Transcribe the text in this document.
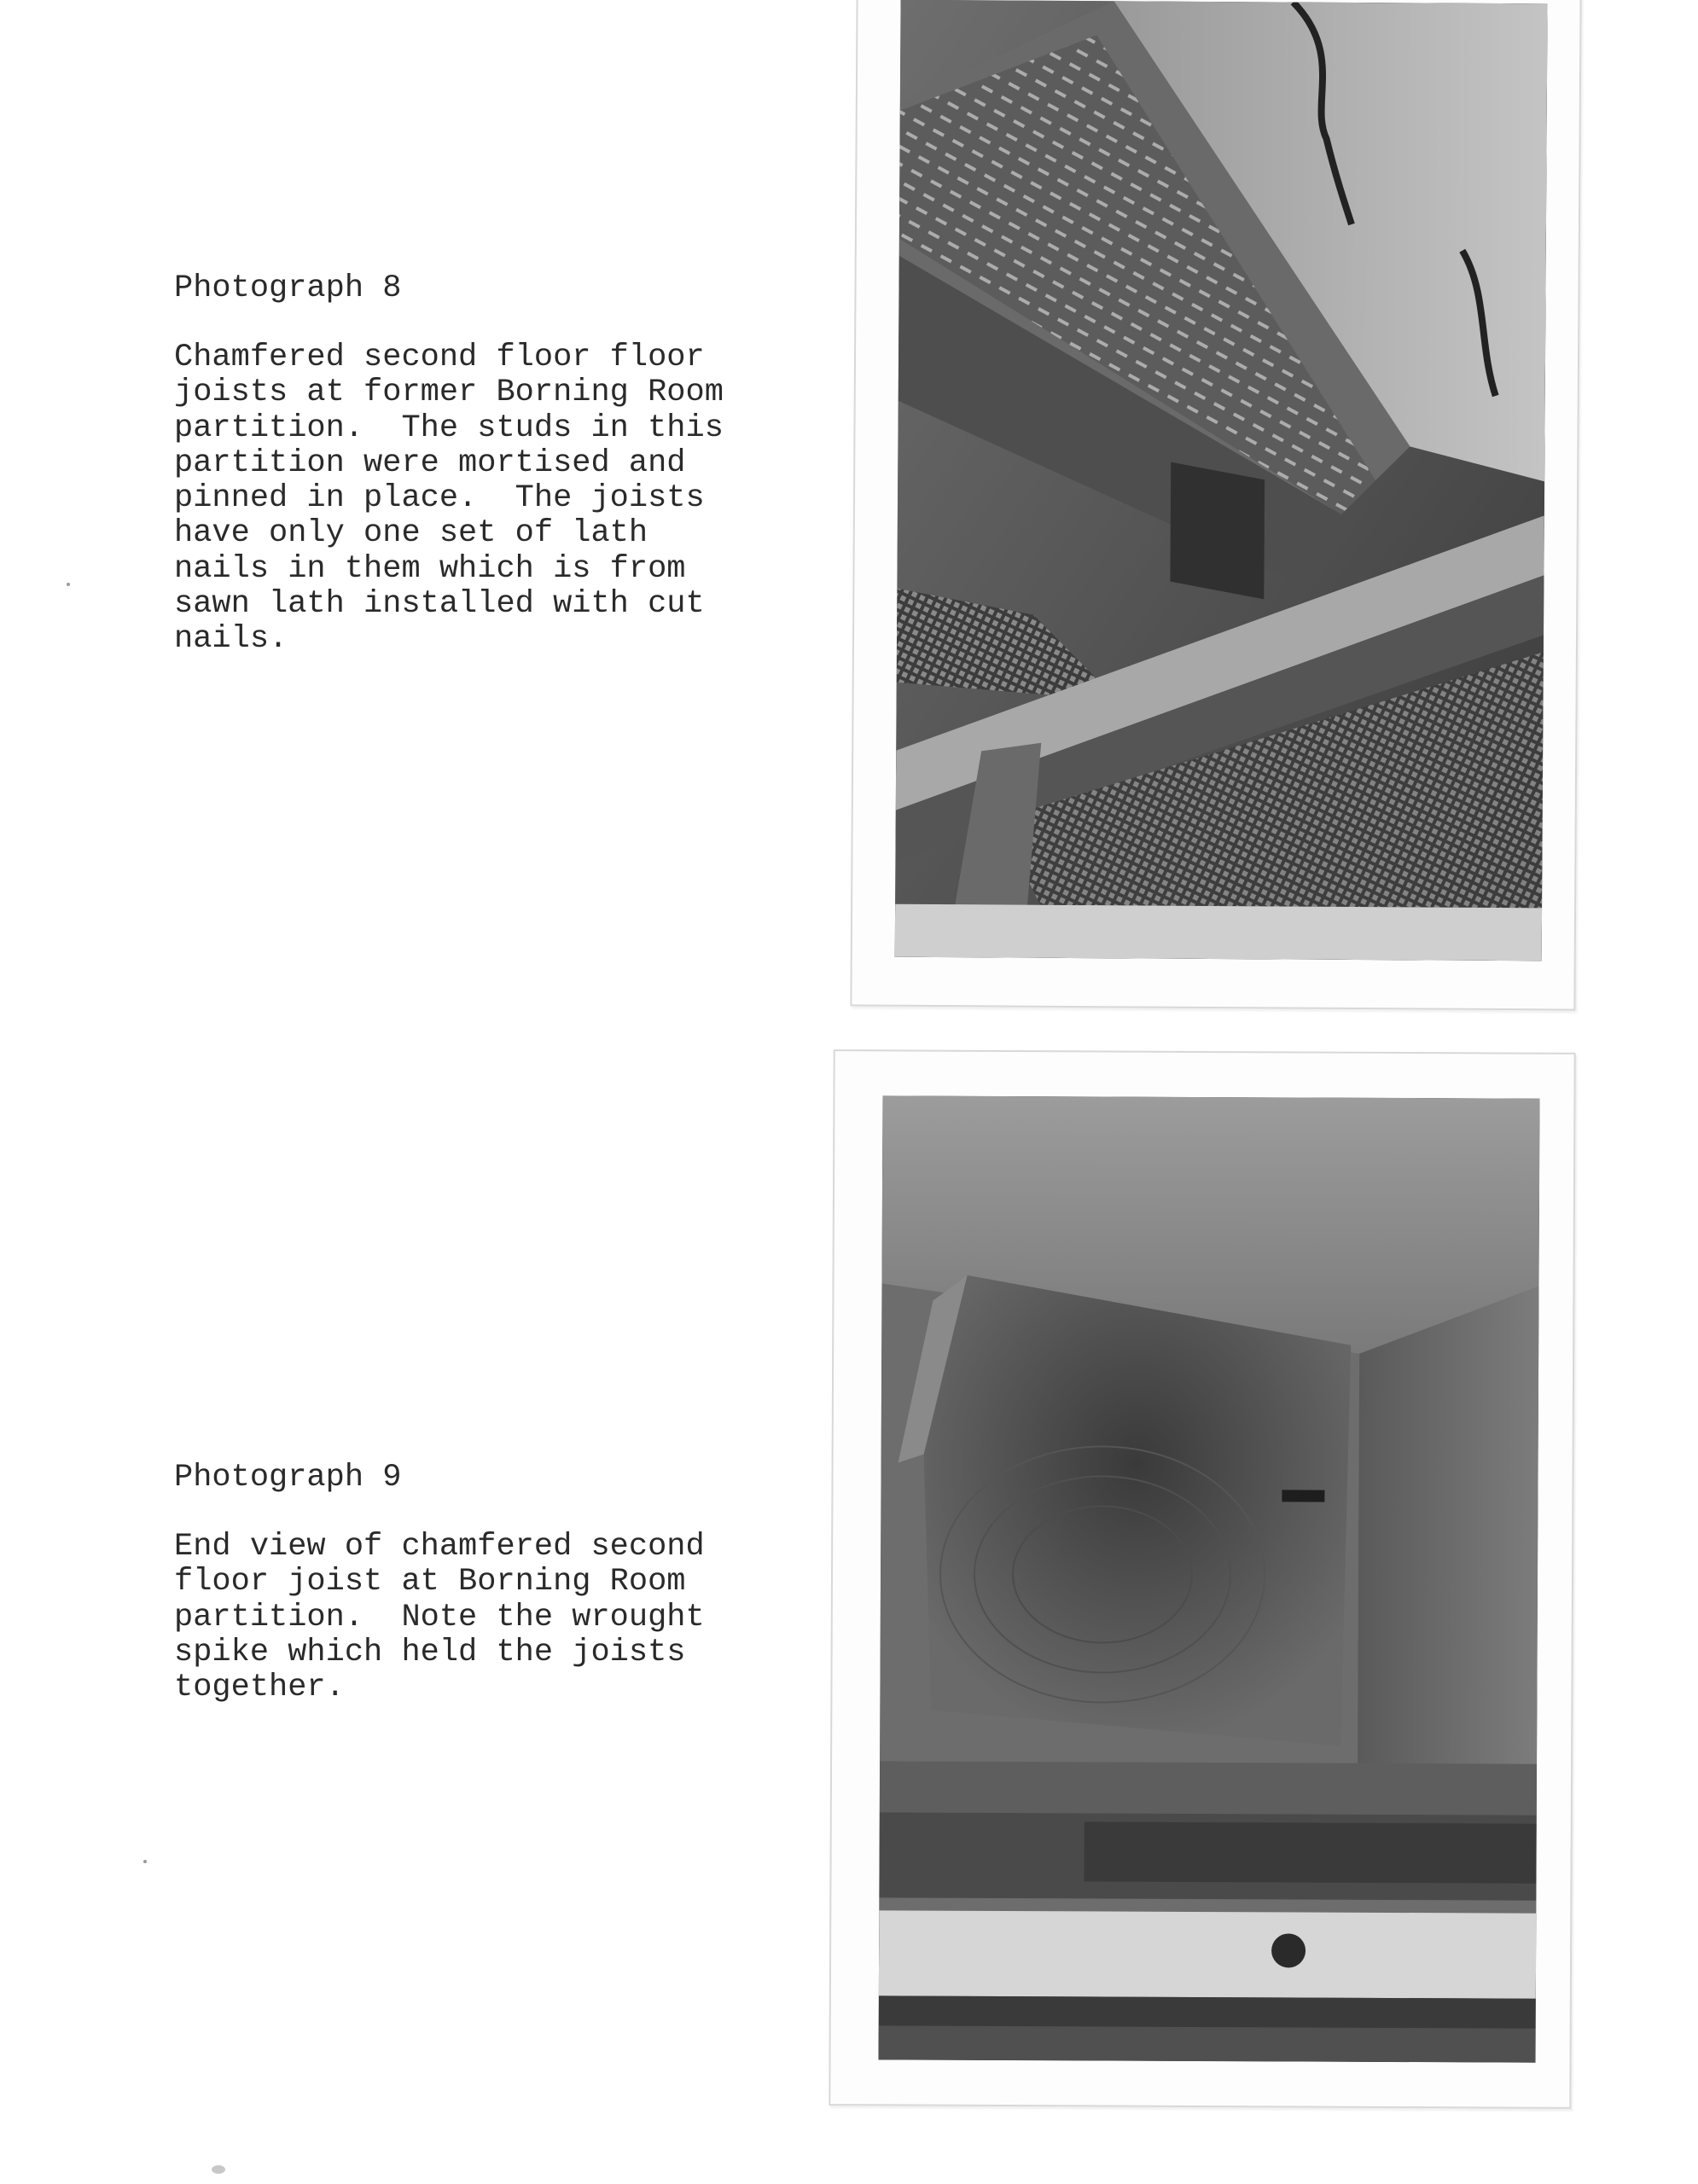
Photograph 8
Chamfered second floor floor
joists at former Borning Room
partition.  The studs in this
partition were mortised and
pinned in place.  The joists
have only one set of lath
nails in them which is from
sawn lath installed with cut
nails.
Photograph 9
End view of chamfered second
floor joist at Borning Room
partition.  Note the wrought
spike which held the joists
together.
